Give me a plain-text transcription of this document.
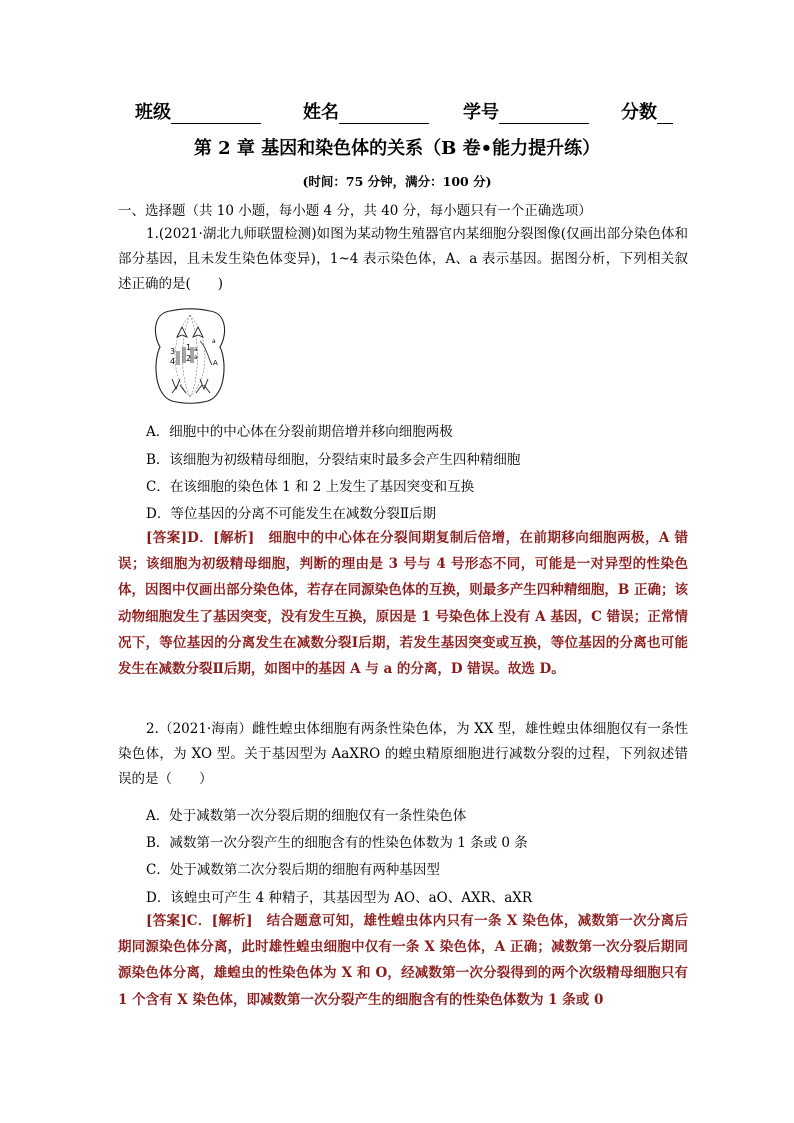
班级	姓名	学号	分数
第 2 章 基因和染色体的关系（B 卷•能力提升练）
(时间：75 分钟，满分：100 分)
一、选择题（共 10 小题，每小题 4 分，共 40 分，每小题只有一个正确选项）
1.(2021·湖北九师联盟检测)如图为某动物生殖器官内某细胞分裂图像(仅画出部分染色体和部分基因，且未发生染色体变异)，1~4 表示染色体，A、a 表示基因。据图分析，下列相关叙述正确的是(　　)
3
4
1
2
a
a
a
A
A．细胞中的中心体在分裂前期倍增并移向细胞两极
B．该细胞为初级精母细胞，分裂结束时最多会产生四种精细胞
C．在该细胞的染色体 1 和 2 上发生了基因突变和互换
D．等位基因的分离不可能发生在减数分裂Ⅱ后期
[答案]D．[解析]　细胞中的中心体在分裂间期复制后倍增，在前期移向细胞两极，A 错误；该细胞为初级精母细胞，判断的理由是 3 号与 4 号形态不同，可能是一对异型的性染色体，因图中仅画出部分染色体，若存在同源染色体的互换，则最多产生四种精细胞，B 正确；该动物细胞发生了基因突变，没有发生互换，原因是 1 号染色体上没有 A 基因，C 错误；正常情况下，等位基因的分离发生在减数分裂Ⅰ后期，若发生基因突变或互换，等位基因的分离也可能发生在减数分裂Ⅱ后期，如图中的基因 A 与 a 的分离，D 错误。故选 D。
2.（2021·海南）雌性蝗虫体细胞有两条性染色体，为 XX 型，雄性蝗虫体细胞仅有一条性染色体，为 XO 型。关于基因型为 AaXRO 的蝗虫精原细胞进行减数分裂的过程，下列叙述错误的是（　　）
A．处于减数第一次分裂后期的细胞仅有一条性染色体
B．减数第一次分裂产生的细胞含有的性染色体数为 1 条或 0 条
C．处于减数第二次分裂后期的细胞有两种基因型
D．该蝗虫可产生 4 种精子，其基因型为 AO、aO、AXR、aXR
[答案]C．[解析]　结合题意可知，雄性蝗虫体内只有一条 X 染色体，减数第一次分离后期同源染色体分离，此时雄性蝗虫细胞中仅有一条 X 染色体，A 正确；减数第一次分裂后期同源染色体分离，雄蝗虫的性染色体为 X 和 O，经减数第一次分裂得到的两个次级精母细胞只有 1 个含有 X 染色体，即减数第一次分裂产生的细胞含有的性染色体数为 1 条或 0
